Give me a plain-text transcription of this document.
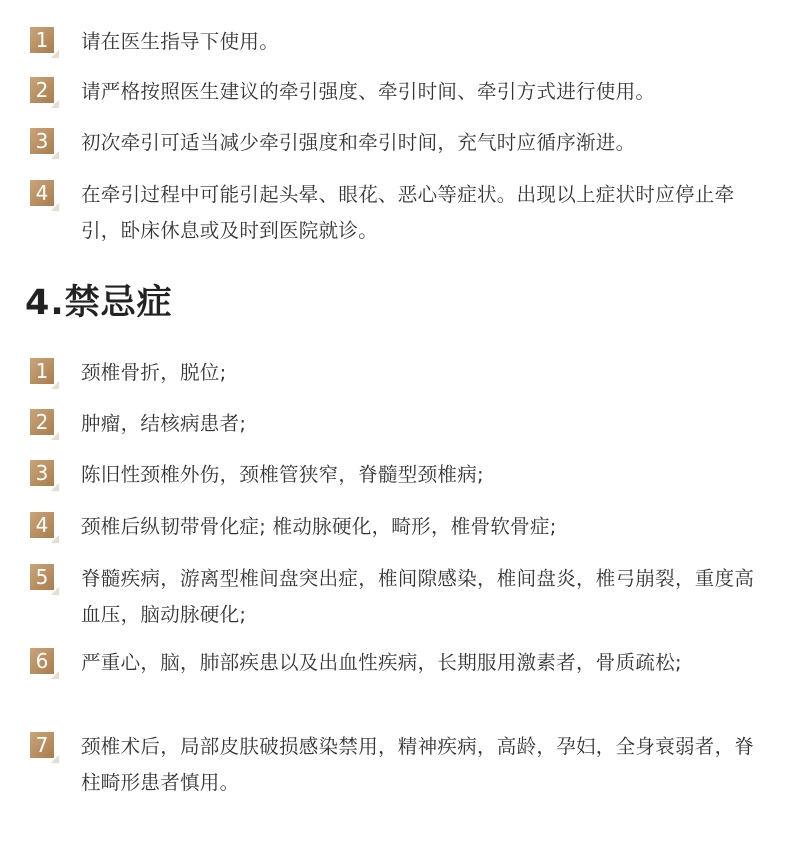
1 请在医生指导下使用。
2 请严格按照医生建议的牵引强度、牵引时间、牵引方式进行使用。
3 初次牵引可适当减少牵引强度和牵引时间，充气时应循序渐进。
4 在牵引过程中可能引起头晕、眼花、恶心等症状。出现以上症状时应停止牵引，卧床休息或及时到医院就诊。
4.禁忌症
1 颈椎骨折，脱位;
2 肿瘤，结核病患者;
3 陈旧性颈椎外伤，颈椎管狭窄，脊髓型颈椎病;
4 颈椎后纵韧带骨化症; 椎动脉硬化，畸形，椎骨软骨症;
5 脊髓疾病，游离型椎间盘突出症，椎间隙感染，椎间盘炎，椎弓崩裂，重度高血压，脑动脉硬化;
6 严重心，脑，肺部疾患以及出血性疾病，长期服用激素者，骨质疏松;
7 颈椎术后，局部皮肤破损感染禁用，精神疾病，高龄，孕妇，全身衰弱者，脊柱畸形患者慎用。
